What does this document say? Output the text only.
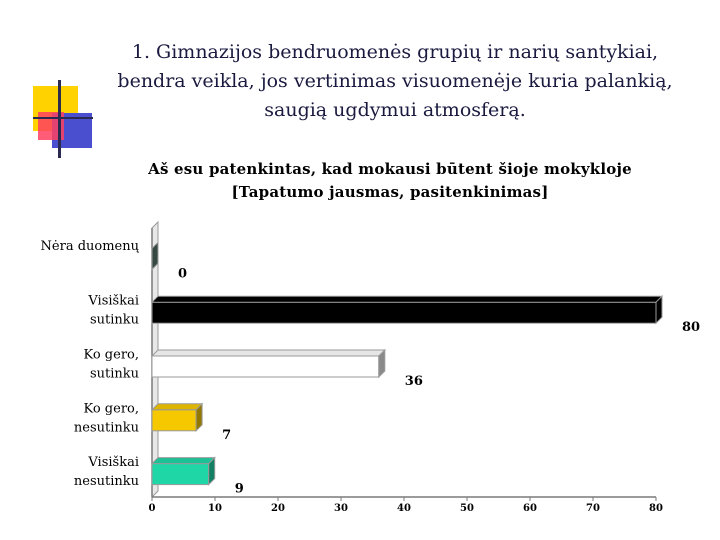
1. Gimnazijos bendruomenės grupių ir narių santykiai, bendra veikla, jos vertinimas visuomenėje kuria palankią, saugią ugdymui atmosferą.
Aš esu patenkintas, kad mokausi būtent šioje mokykloje
[Tapatumo jausmas, pasitenkinimas]
0	10	20	30	40	50	60	70	80
0
Nėra duomenų
80
Visiškai
sutinku
36
Ko gero,
sutinku
7
Ko gero,
nesutinku
9
Visiškai
nesutinku
